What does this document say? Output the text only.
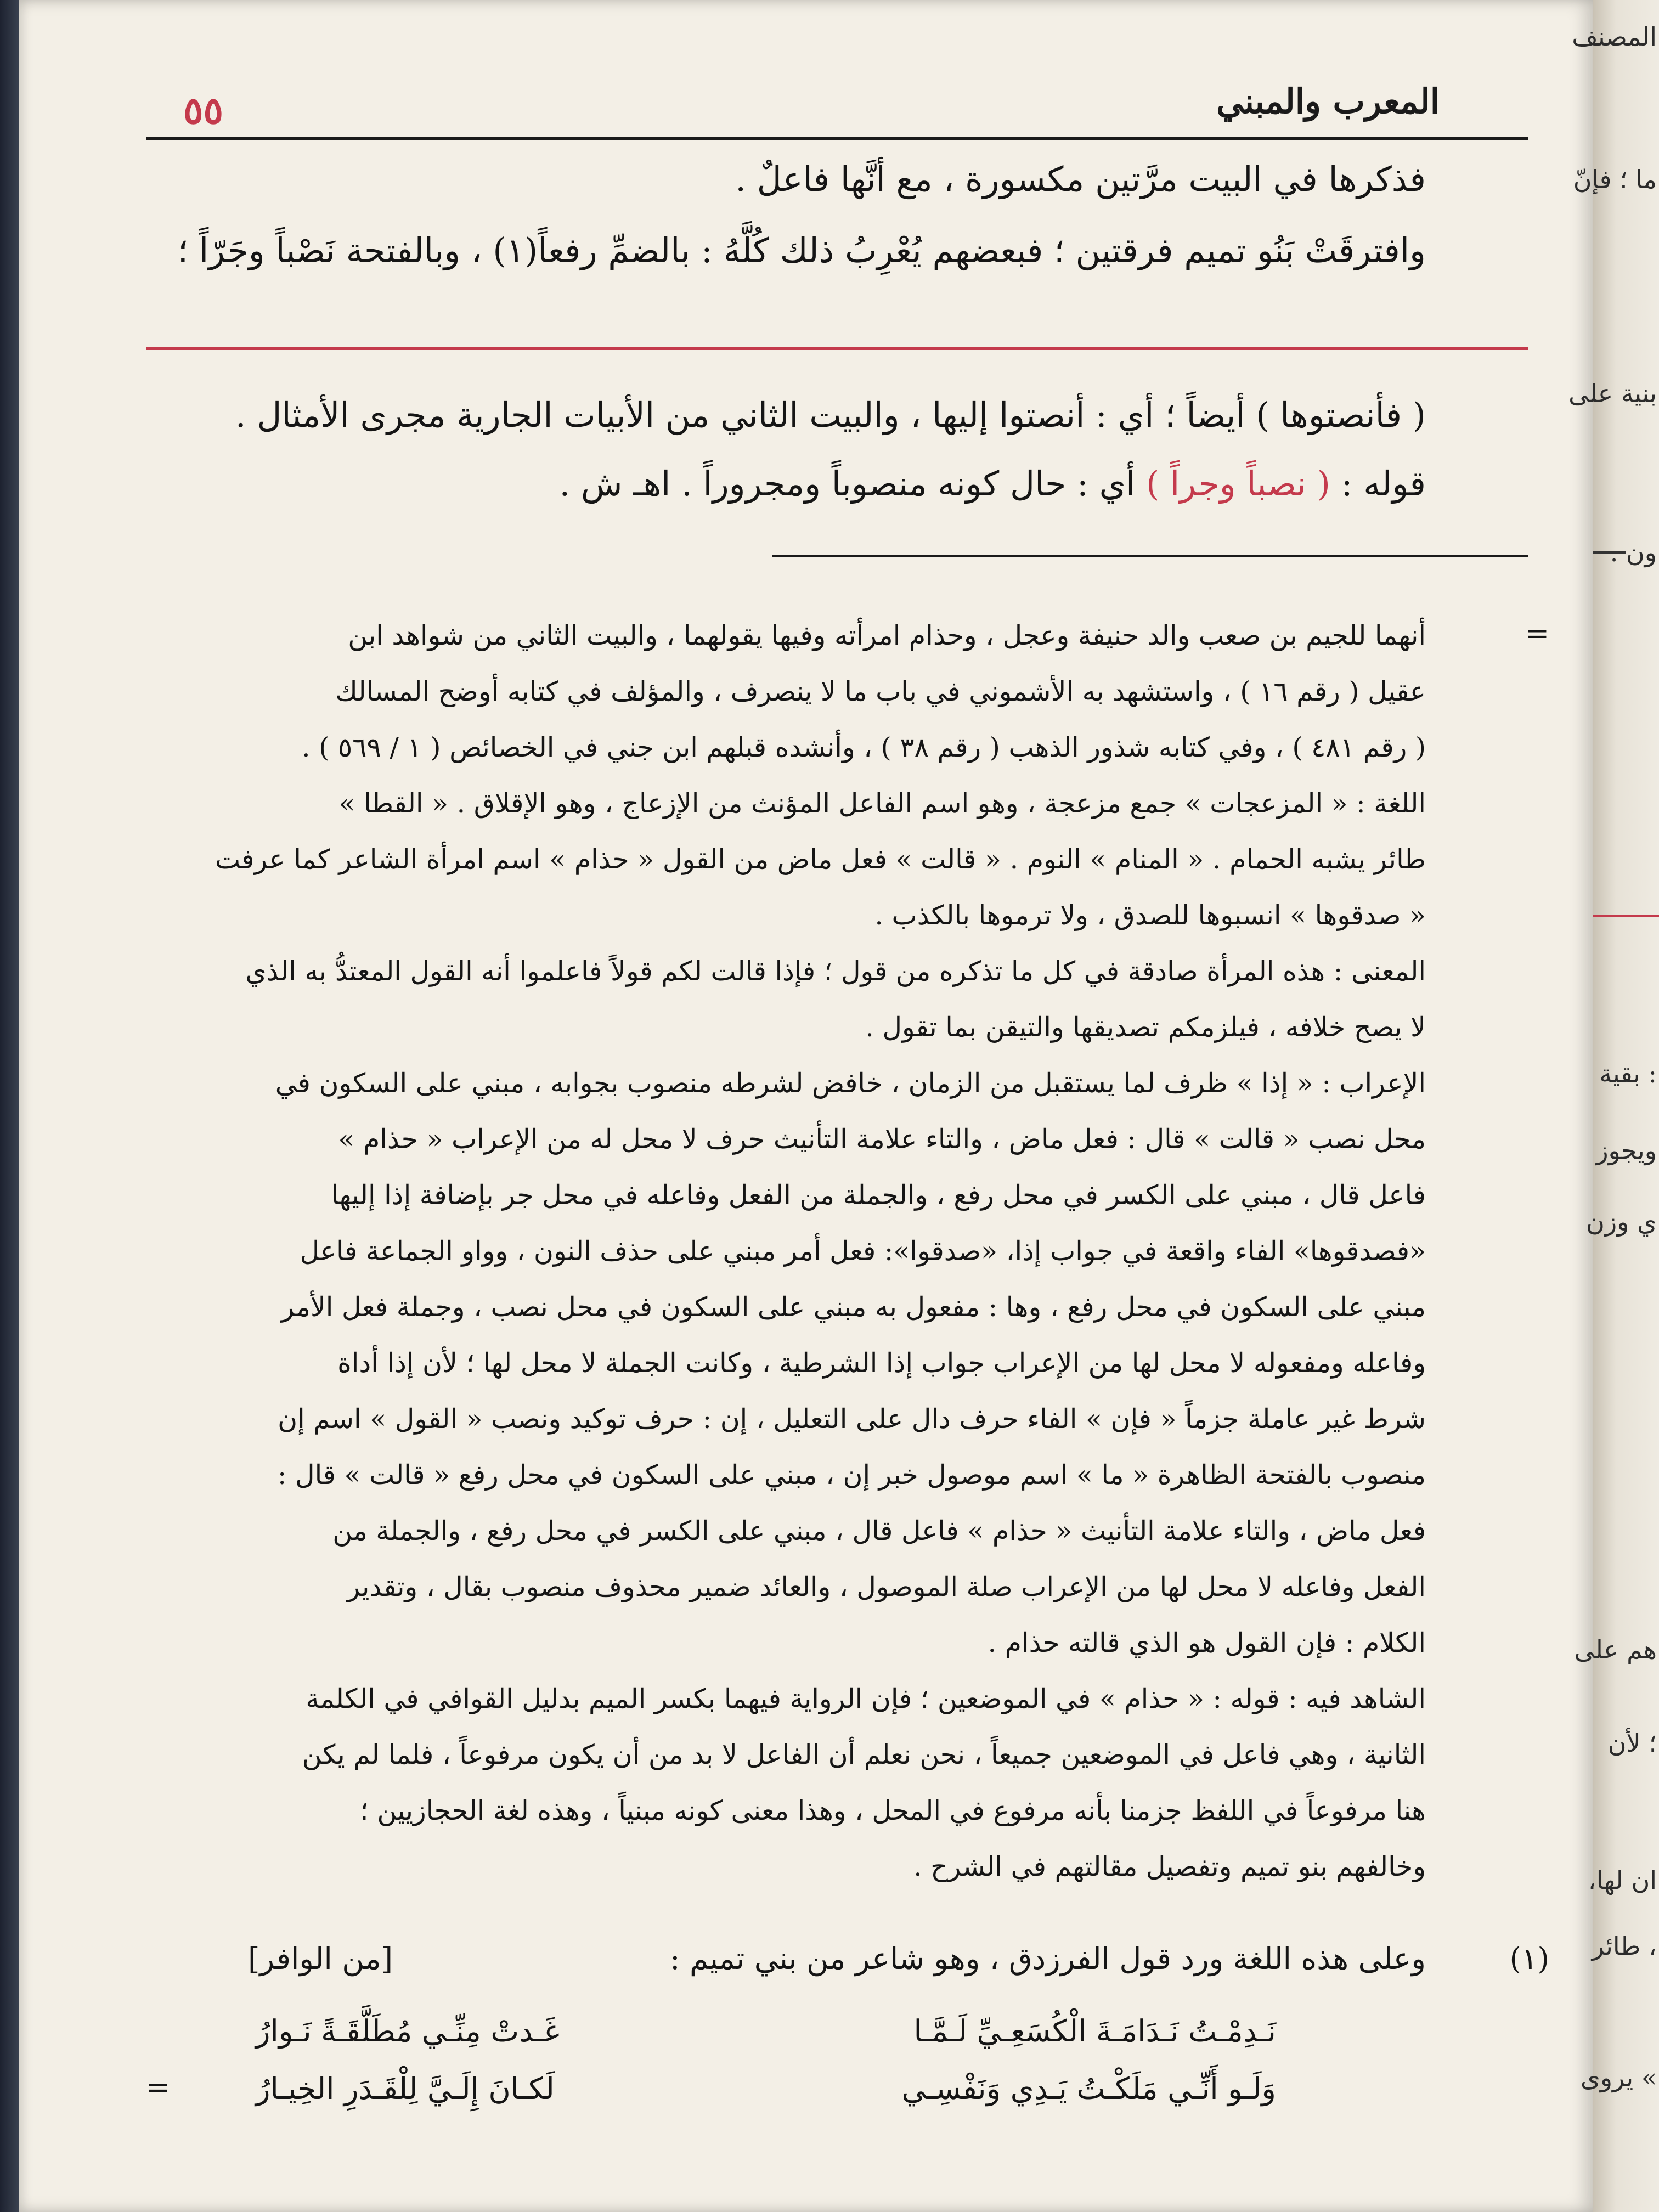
٥٥	المعرب والمبني
فذكرها في البيت مرَّتين مكسورة ، مع أنَّها فاعلٌ .
وافترقَتْ بَنُو تميم فرقتين ؛ فبعضهم يُعْرِبُ ذلك كُلَّهُ : بالضمِّ رفعاً(١) ، وبالفتحة نَصْباً وجَرّاً ؛
( فأنصتوها ) أيضاً ؛ أي : أنصتوا إليها ، والبيت الثاني من الأبيات الجارية مجرى الأمثال .
قوله : ( نصباً وجراً ) أي : حال كونه منصوباً ومجروراً . اهـ ش .
=
أنهما للجيم بن صعب والد حنيفة وعجل ، وحذام امرأته وفيها يقولهما ، والبيت الثاني من شواهد ابن
عقيل ( رقم ١٦ ) ، واستشهد به الأشموني في باب ما لا ينصرف ، والمؤلف في كتابه أوضح المسالك
( رقم ٤٨١ ) ، وفي كتابه شذور الذهب ( رقم ٣٨ ) ، وأنشده قبلهم ابن جني في الخصائص ( ١ / ٥٦٩ ) .
اللغة : « المزعجات » جمع مزعجة ، وهو اسم الفاعل المؤنث من الإزعاج ، وهو الإقلاق . « القطا »
طائر يشبه الحمام . « المنام » النوم . « قالت » فعل ماض من القول « حذام » اسم امرأة الشاعر كما عرفت
« صدقوها » انسبوها للصدق ، ولا ترموها بالكذب .
المعنى : هذه المرأة صادقة في كل ما تذكره من قول ؛ فإذا قالت لكم قولاً فاعلموا أنه القول المعتدُّ به الذي
لا يصح خلافه ، فيلزمكم تصديقها والتيقن بما تقول .
الإعراب : « إذا » ظرف لما يستقبل من الزمان ، خافض لشرطه منصوب بجوابه ، مبني على السكون في
محل نصب « قالت » قال : فعل ماض ، والتاء علامة التأنيث حرف لا محل له من الإعراب « حذام »
فاعل قال ، مبني على الكسر في محل رفع ، والجملة من الفعل وفاعله في محل جر بإضافة إذا إليها
«فصدقوها» الفاء واقعة في جواب إذا، «صدقوا»: فعل أمر مبني على حذف النون ، وواو الجماعة فاعل
مبني على السكون في محل رفع ، وها : مفعول به مبني على السكون في محل نصب ، وجملة فعل الأمر
وفاعله ومفعوله لا محل لها من الإعراب جواب إذا الشرطية ، وكانت الجملة لا محل لها ؛ لأن إذا أداة
شرط غير عاملة جزماً « فإن » الفاء حرف دال على التعليل ، إن : حرف توكيد ونصب « القول » اسم إن
منصوب بالفتحة الظاهرة « ما » اسم موصول خبر إن ، مبني على السكون في محل رفع « قالت » قال :
فعل ماض ، والتاء علامة التأنيث « حذام » فاعل قال ، مبني على الكسر في محل رفع ، والجملة من
الفعل وفاعله لا محل لها من الإعراب صلة الموصول ، والعائد ضمير محذوف منصوب بقال ، وتقدير
الكلام : فإن القول هو الذي قالته حذام .
الشاهد فيه : قوله : « حذام » في الموضعين ؛ فإن الرواية فيهما بكسر الميم بدليل القوافي في الكلمة
الثانية ، وهي فاعل في الموضعين جميعاً ، نحن نعلم أن الفاعل لا بد من أن يكون مرفوعاً ، فلما لم يكن
هنا مرفوعاً في اللفظ جزمنا بأنه مرفوع في المحل ، وهذا معنى كونه مبنياً ، وهذه لغة الحجازيين ؛
وخالفهم بنو تميم وتفصيل مقالتهم في الشرح .
(١)
وعلى هذه اللغة ورد قول الفرزدق ، وهو شاعر من بني تميم :
[من الوافر]
نَـدِمْـتُ نَـدَامَـةَ الْكُسَعِـيِّ لَـمَّـا
غَـدتْ مِنِّـي مُطَلَّقَـةً نَـوارُ
وَلَـو أَنِّـي مَلَكْـتُ يَـدِي وَنَفْسِـي
لَكـانَ إِلَـيَّ لِلْقَـدَرِ الخِيـارُ
=
المصنف
ما ؛ فإنّ
بنية على
ون .
: بقية
ويجوز
ي وزن
هم على
؛ لأن
ان لها،
، طائر
» يروى
